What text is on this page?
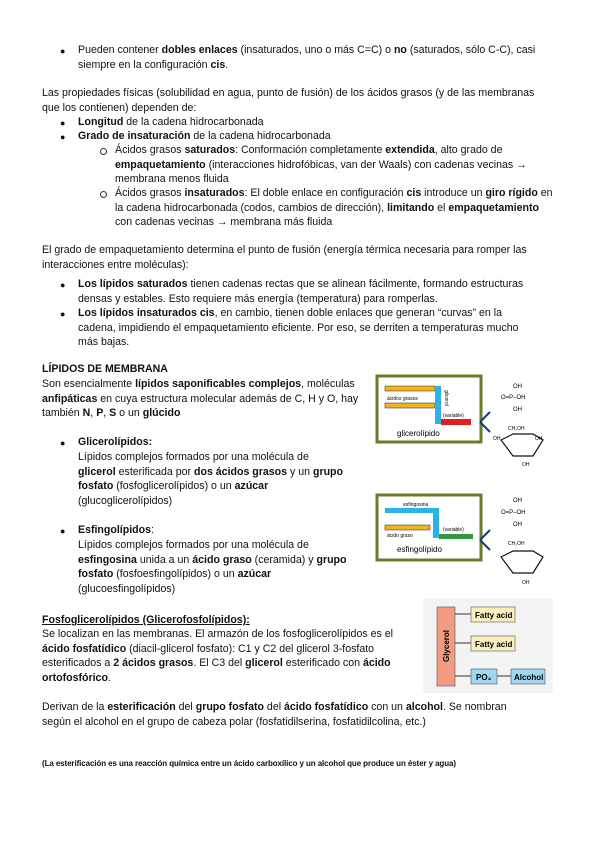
● Pueden contener dobles enlaces (insaturados, uno o más C=C) o no (saturados, sólo C-C), casi siempre en la configuración cis.
Las propiedades físicas (solubilidad en agua, punto de fusión) de los ácidos grasos (y de las membranas que los contienen) dependen de:
● Longitud de la cadena hidrocarbonada
● Grado de insaturación de la cadena hidrocarbonada
Ácidos grasos saturados: Conformación completamente extendida, alto grado de empaquetamiento (interacciones hidrofóbicas, van der Waals) con cadenas vecinas → membrana menos fluida
Ácidos grasos insaturados: El doble enlace en configuración cis introduce un giro rígido en la cadena hidrocarbonada (codos, cambios de dirección), limitando el empaquetamiento con cadenas vecinas → membrana más fluida
El grado de empaquetamiento determina el punto de fusión (energía térmica necesaria para romper las interacciones entre moléculas):
● Los lípidos saturados tienen cadenas rectas que se alinean fácilmente, formando estructuras densas y estables. Esto requiere más energía (temperatura) para romperlas.
● Los lípidos insaturados cis, en cambio, tienen doble enlaces que generan “curvas” en la cadena, impidiendo el empaquetamiento eficiente. Por eso, se derriten a temperaturas mucho más bajas.
LÍPIDOS DE MEMBRANA
Son esencialmente lípidos saponificables complejos, moléculas anfipáticas en cuya estructura molecular además de C, H y O, hay también N, P, S o un glúcido
● Glicerolípidos:
Lípidos complejos formados por una molécula de glicerol esterificada por dos ácidos grasos y un grupo fosfato (fosfoglicerolípidos) o un azúcar (glucoglicerolípidos)
● Esfingolípidos:
Lípidos complejos formados por una molécula de esfingosina unida a un ácido graso (ceramida) y grupo fosfato (fosfoesfingolípidos) o un azúcar (glucoesfingolípidos)
Fosfoglicerolípidos (Glicerofosfolípidos):
Se localizan en las membranas. El armazón de los fosfoglicerolípidos es el ácido fosfatídico (diacil-glicerol fosfato): C1 y C2 del glicerol 3-fosfato esterificados a 2 ácidos grasos. El C3 del glicerol esterificado con ácido ortofosfórico.
Derivan de la esterificación del grupo fosfato del ácido fosfatídico con un alcohol. Se nombran según el alcohol en el grupo de cabeza polar (fosfatidilserina, fosfatidilcolina, etc.)
(La esterificación es una reacción química entre un ácido carboxílico y un alcohol que produce un éster y agua)
ácidos grasos	glicerol
(variable)
glicerolípido
OH
O=P–OH
OH
CH₂OH
OH	OH
OH
esfingosina
ácido graso
(variable)
esfingolípido
OH
O=P–OH
OH
CH₂OH
OH
Glycerol
Fatty acid
Fatty acid
PO₄	Alcohol
